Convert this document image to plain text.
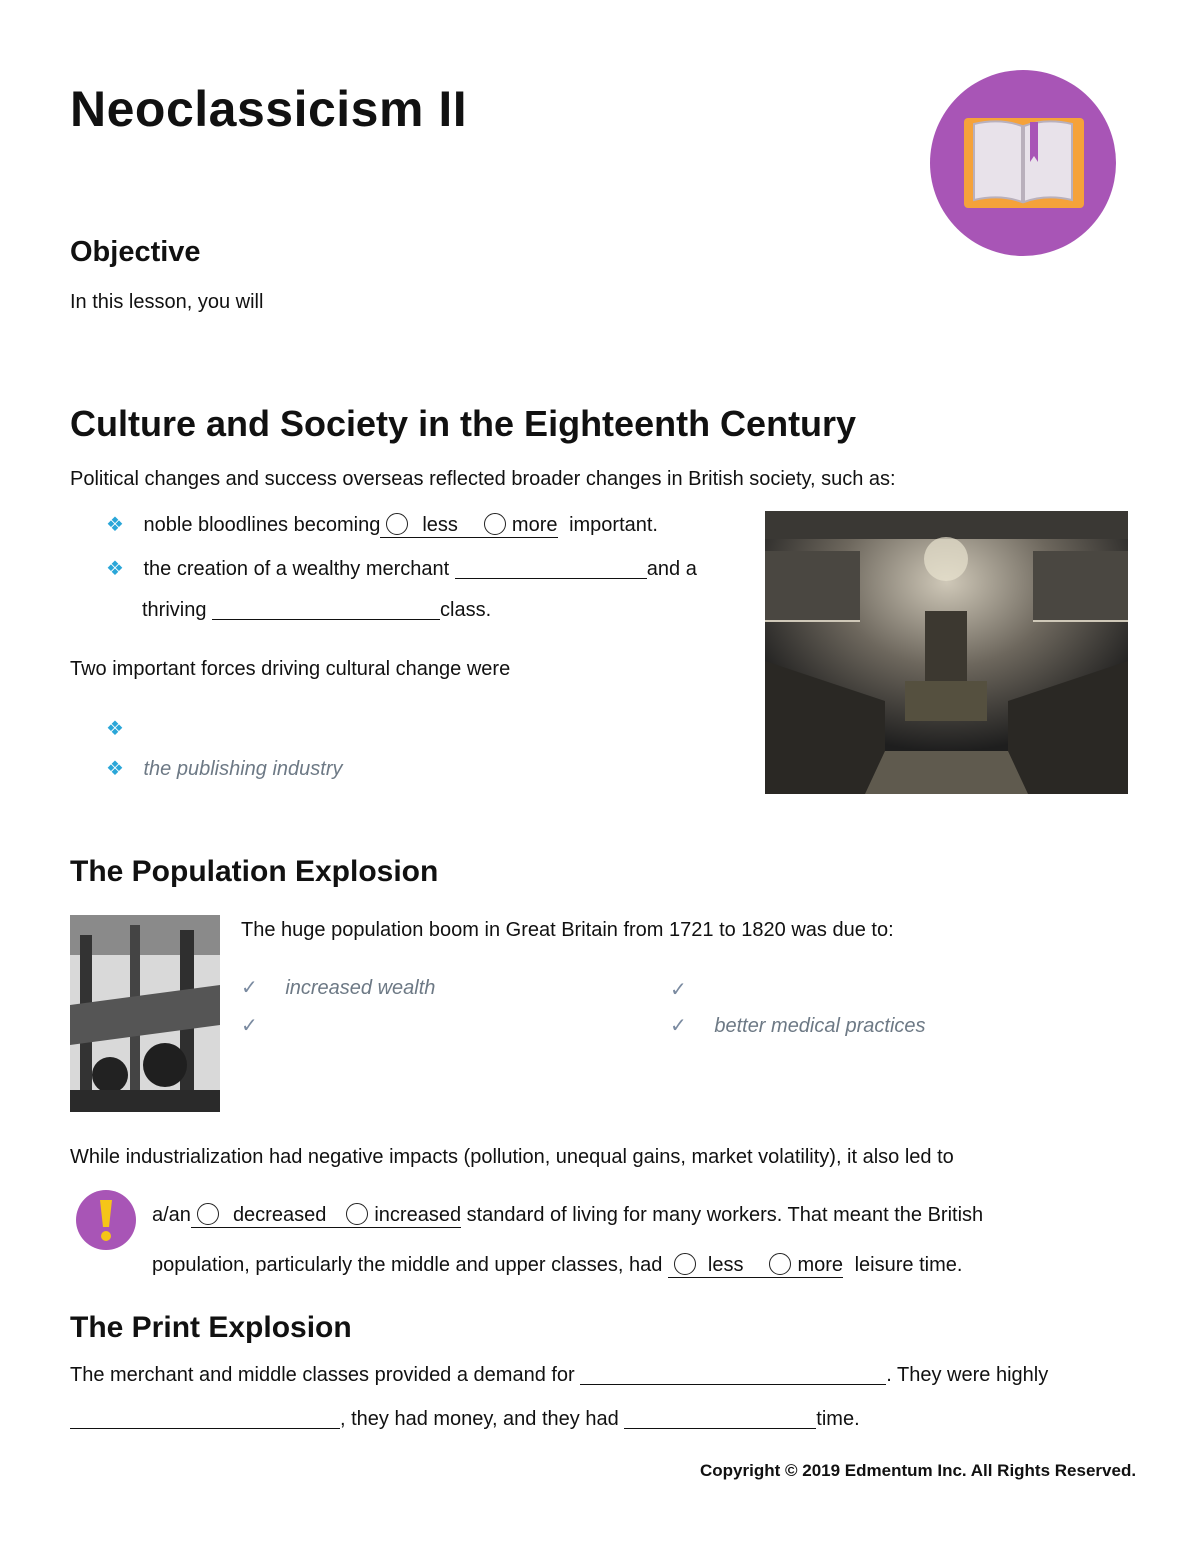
Neoclassicism II
Objective
In this lesson, you will
Culture and Society in the Eighteenth Century
Political changes and success overseas reflected broader changes in British society, such as:
❖ noble bloodlines becoming less	more important.
❖ the creation of a wealthy merchant	and a
thriving	class.
Two important forces driving cultural change were
❖
❖ the publishing industry
The Population Explosion
The huge population boom in Great Britain from 1721 to 1820 was due to:
✓ increased wealth
✓
✓
✓ better medical practices
While industrialization had negative impacts (pollution, unequal gains, market volatility), it also led to
a/an decreased increased standard of living for many workers. That meant the British
population, particularly the middle and upper classes, had less	more leisure time.
The Print Explosion
The merchant and middle classes provided a demand for	. They were highly
, they had money, and they had	time.
Copyright © 2019 Edmentum Inc. All Rights Reserved.
